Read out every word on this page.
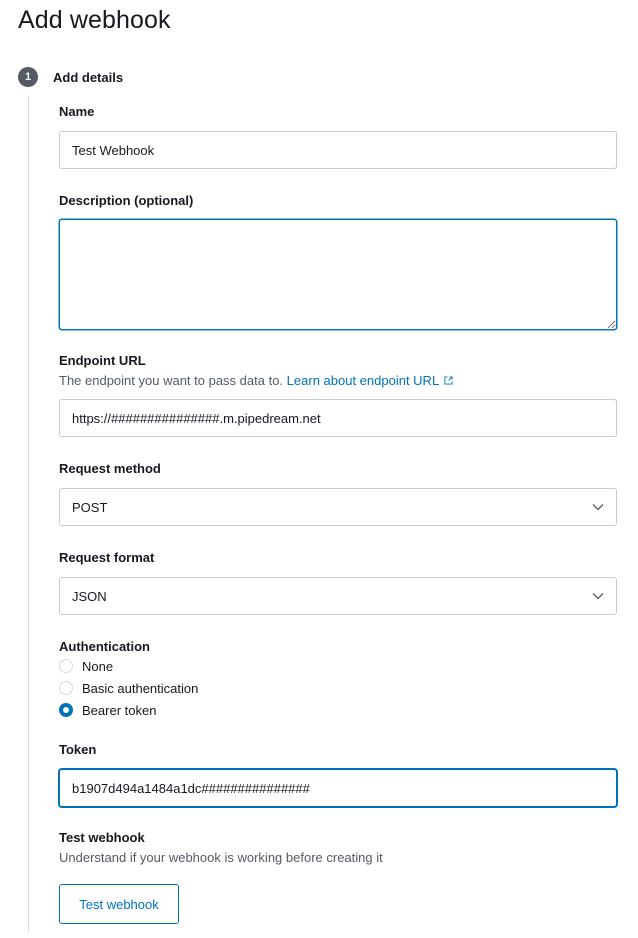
Add webhook
1	Add details
Name
Test Webhook
Description (optional)
Endpoint URL
The endpoint you want to pass data to. Learn about endpoint URL
https://###############.m.pipedream.net
Request method
POST
Request format
JSON
Authentication
None
Basic authentication
Bearer token
Token
b1907d494a1484a1dc###############
Test webhook
Understand if your webhook is working before creating it
Test webhook
